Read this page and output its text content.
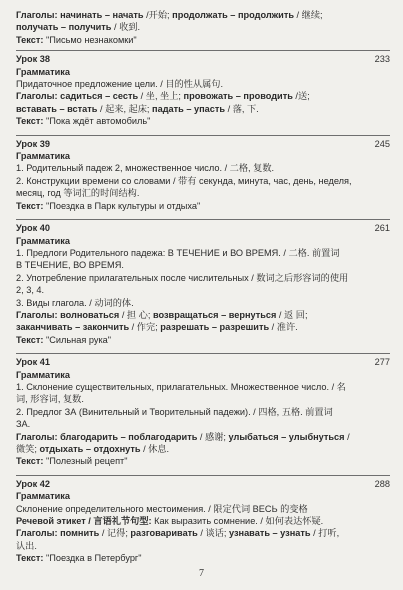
Глаголы: начинать – начать /开始; продолжать – продолжить / 继续;
получать – получить / 收到.
Текст: "Письмо незнакомки"
Урок 38	233
Грамматика
Придаточное предложение цели. / 目的性从属句.
Глаголы: садиться – сесть / 坐, 坐上; провожать – проводить /送;
вставать – встать / 起来, 起床; падать – упасть / 落, 下.
Текст: "Пока ждёт автомобиль"
Урок 39	245
Грамматика
1. Родительный падеж 2, множественное число. / 二格, 复数.
2. Конструкции времени со словами / 带有 секунда, минута, час, день, неделя,
месяц, год 等词汇的时间结构.
Текст: "Поездка в Парк культуры и отдыха"
Урок 40	261
Грамматика
1. Предлоги Родительного падежа: В ТЕЧЕНИЕ и ВО ВРЕМЯ. / 二格. 前置词
В ТЕЧЕНИЕ, ВО ВРЕМЯ.
2. Употребление прилагательных после числительных / 数词之后形容词的使用
2, 3, 4.
3. Виды глагола. / 动词的体.
Глаголы: волноваться / 担 心; возвращаться – вернуться / 返 回;
заканчивать – закончить / 作完; разрешать – разрешить / 准许.
Текст: "Сильная рука"
Урок 41	277
Грамматика
1. Склонение существительных, прилагательных. Множественное число. / 名
词, 形容词, 复数.
2. Предлог ЗА (Винительный и Творительный падежи). / 四格, 五格. 前置词
ЗА.
Глаголы: благодарить – поблагодарить / 感谢; улыбаться – улыбнуться /
微笑; отдыхать – отдохнуть / 休息.
Текст: "Полезный рецепт"
Урок 42	288
Грамматика
Склонение определительного местоимения. / 限定代词 ВЕСЬ 的变格
Речевой этикет / 言语礼节句型: Как выразить сомнение. / 如何表达怀疑.
Глаголы: помнить / 记得; разговаривать / 谈话; узнавать – узнать / 打听,
认出.
Текст: "Поездка в Петербург"
7
